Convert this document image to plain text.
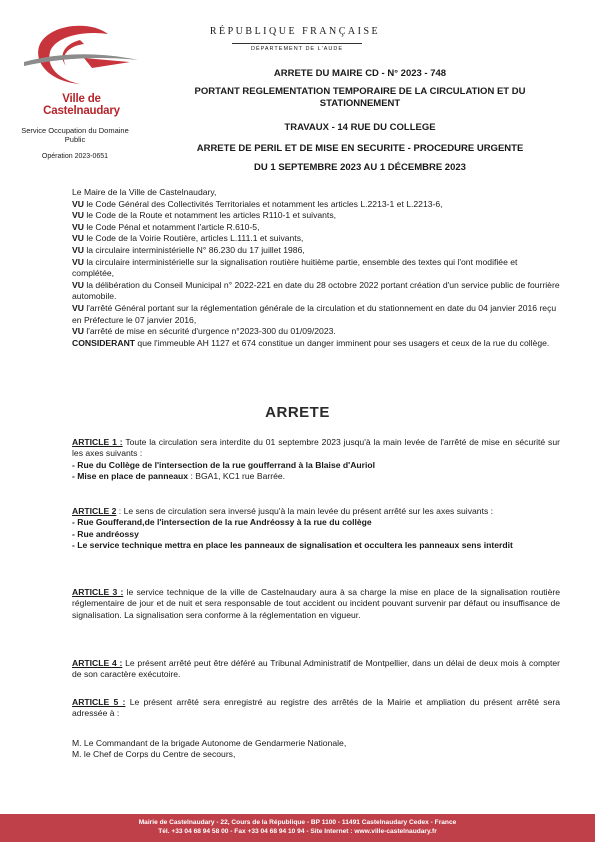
Ville de Castelnaudary
Service Occupation du Domaine Public
Opération 2023-0651
RÉPUBLIQUE FRANÇAISE
DÉPARTEMENT DE L'AUDE
ARRETE DU MAIRE CD - N° 2023 - 748
PORTANT REGLEMENTATION TEMPORAIRE DE LA CIRCULATION ET DU STATIONNEMENT
TRAVAUX - 14 RUE DU COLLEGE
ARRETE DE PERIL ET DE MISE EN SECURITE - PROCEDURE URGENTE
DU 1 SEPTEMBRE 2023 AU 1 DÉCEMBRE 2023

Le Maire de la Ville de Castelnaudary,

VU le Code Général des Collectivités Territoriales et notamment les articles L.2213-1 et L.2213-6,

VU le Code de la Route et notamment les articles R110-1 et suivants,

VU le Code Pénal et notamment l'article R.610-5,

VU le Code de la Voirie Routière, articles L.111.1 et suivants,

VU la circulaire interministérielle N° 86.230 du 17 juillet 1986,

VU la circulaire interministérielle sur la signalisation routière huitième partie, ensemble des textes qui l'ont modifiée et complétée,

VU la délibération du Conseil Municipal n° 2022-221 en date du 28 octobre 2022 portant création d'un service public de fourrière automobile.

VU l'arrêté Général portant sur la réglementation générale de la circulation et du stationnement en date du 04 janvier 2016 reçu en Préfecture le 07 janvier 2016,

VU l'arrêté de mise en sécurité d'urgence n°2023-300 du 01/09/2023.

CONSIDERANT que l'immeuble AH 1127 et 674 constitue un danger imminent pour ses usagers et ceux de la rue du collège.

ARRETE

ARTICLE 1 : Toute la circulation sera interdite du 01 septembre 2023 jusqu'à la main levée de l'arrêté de mise en sécurité sur les axes suivants :

- Rue du Collège de l'intersection de la rue goufferrand à la Blaise d'Auriol

- Mise en place de panneaux : BGA1, KC1 rue Barrée.

ARTICLE 2 : Le sens de circulation sera inversé jusqu'à la main levée du présent arrêté sur les axes suivants :

- Rue Goufferand,de l'intersection de la rue Andréossy à la rue du collège

- Rue andréossy

- Le service technique mettra en place les panneaux de signalisation et occultera les panneaux sens interdit

ARTICLE 3 : le service technique de la ville de Castelnaudary aura à sa charge la mise en place de la signalisation routière réglementaire de jour et de nuit et sera responsable de tout accident ou incident pouvant survenir par défaut ou insuffisance de signalisation. La signalisation sera conforme à la réglementation en vigueur.

ARTICLE 4 : Le présent arrêté peut être déféré au Tribunal Administratif de Montpellier, dans un délai de deux mois à compter de son caractère exécutoire.

ARTICLE 5 : Le présent arrêté sera enregistré au registre des arrêtés de la Mairie et ampliation du présent arrêté sera adressée à :

M. Le Commandant de la brigade Autonome de Gendarmerie Nationale,

M. le Chef de Corps du Centre de secours,

Mairie de Castelnaudary - 22, Cours de la République - BP 1100 - 11491 Castelnaudary Cedex - France
Tél. +33 04 68 94 58 00 - Fax +33 04 68 94 10 94 - Site Internet : www.ville-castelnaudary.fr
